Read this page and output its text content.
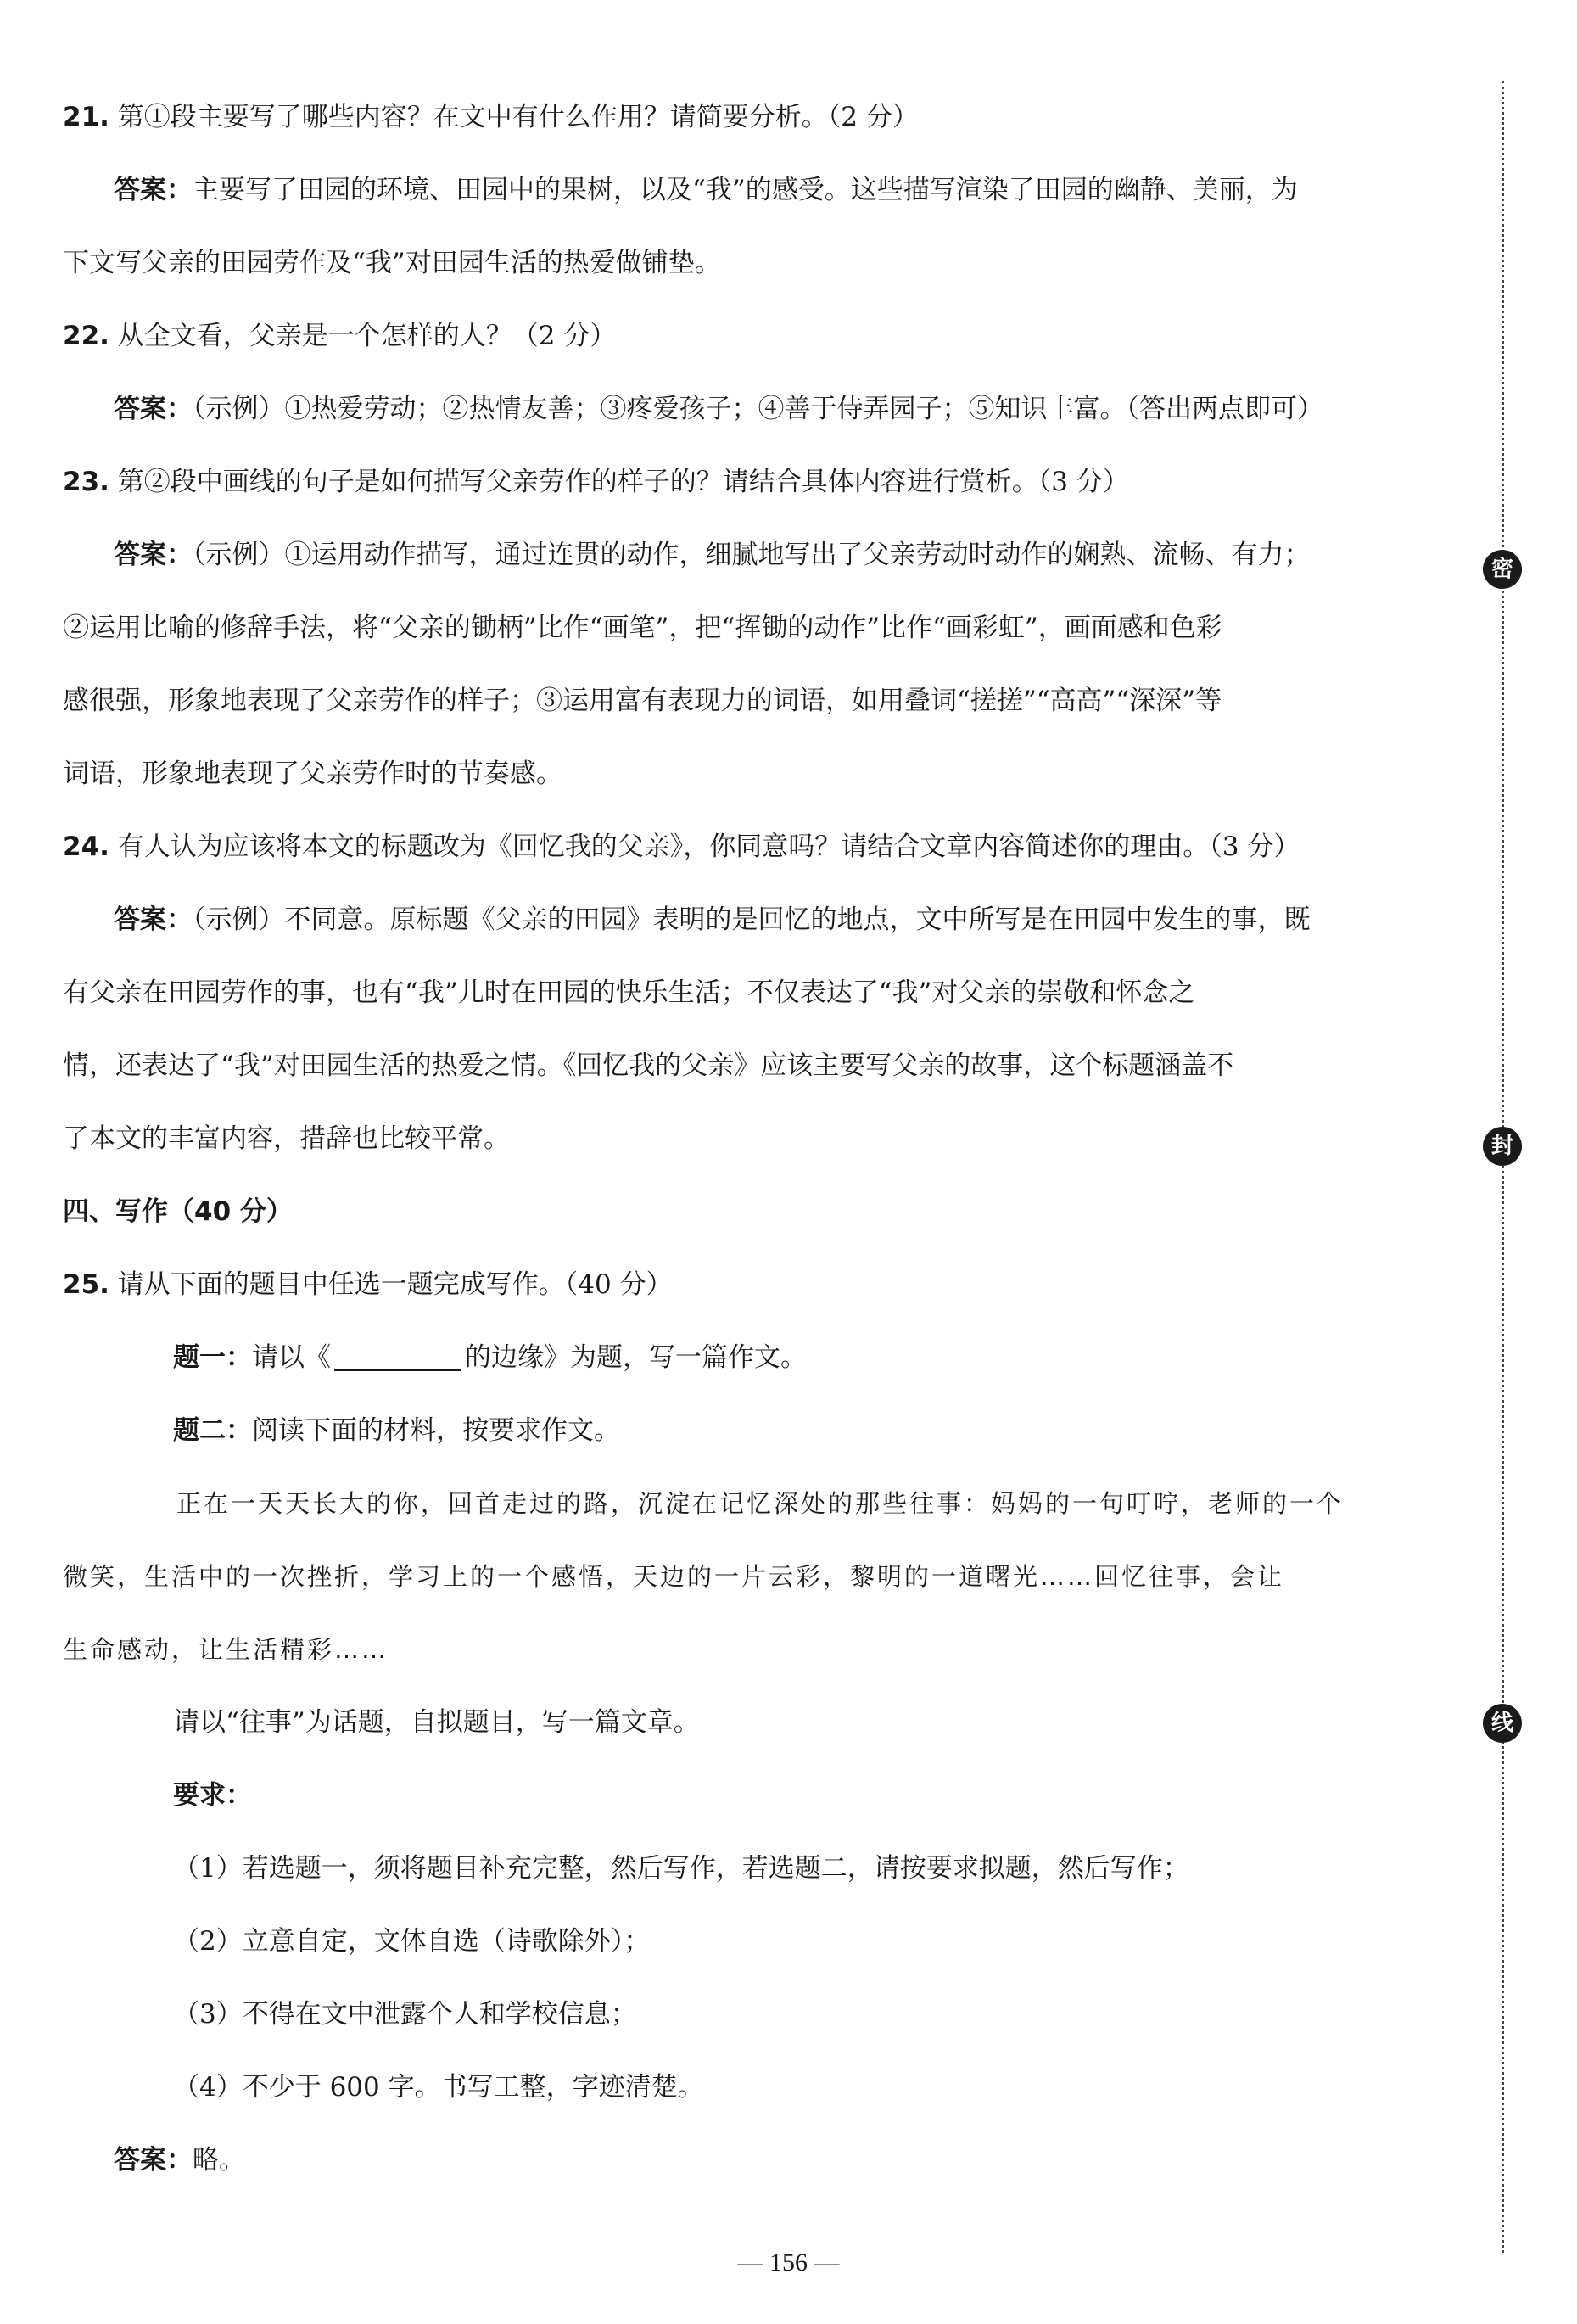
密
封
线
21. 第①段主要写了哪些内容？在文中有什么作用？请简要分析。（2 分）
答案：主要写了田园的环境、田园中的果树，以及“我”的感受。这些描写渲染了田园的幽静、美丽，为
下文写父亲的田园劳作及“我”对田园生活的热爱做铺垫。
22. 从全文看，父亲是一个怎样的人？（2 分）
答案：（示例）①热爱劳动；②热情友善；③疼爱孩子；④善于侍弄园子；⑤知识丰富。（答出两点即可）
23. 第②段中画线的句子是如何描写父亲劳作的样子的？请结合具体内容进行赏析。（3 分）
答案：（示例）①运用动作描写，通过连贯的动作，细腻地写出了父亲劳动时动作的娴熟、流畅、有力；
②运用比喻的修辞手法，将“父亲的锄柄”比作“画笔”，把“挥锄的动作”比作“画彩虹”，画面感和色彩
感很强，形象地表现了父亲劳作的样子；③运用富有表现力的词语，如用叠词“搓搓”“高高”“深深”等
词语，形象地表现了父亲劳作时的节奏感。
24. 有人认为应该将本文的标题改为《回忆我的父亲》，你同意吗？请结合文章内容简述你的理由。（3 分）
答案：（示例）不同意。原标题《父亲的田园》表明的是回忆的地点，文中所写是在田园中发生的事，既
有父亲在田园劳作的事，也有“我”儿时在田园的快乐生活；不仅表达了“我”对父亲的崇敬和怀念之
情，还表达了“我”对田园生活的热爱之情。《回忆我的父亲》应该主要写父亲的故事，这个标题涵盖不
了本文的丰富内容，措辞也比较平常。
四、写作（40 分）
25. 请从下面的题目中任选一题完成写作。（40 分）
题一：请以《	的边缘》为题，写一篇作文。
题二：阅读下面的材料，按要求作文。
正在一天天长大的你，回首走过的路，沉淀在记忆深处的那些往事：妈妈的一句叮咛，老师的一个
微笑，生活中的一次挫折，学习上的一个感悟，天边的一片云彩，黎明的一道曙光……回忆往事，会让
生命感动，让生活精彩……
请以“往事”为话题，自拟题目，写一篇文章。
要求：
（1）若选题一，须将题目补充完整，然后写作，若选题二，请按要求拟题，然后写作；
（2）立意自定，文体自选（诗歌除外）；
（3）不得在文中泄露个人和学校信息；
（4）不少于 600 字。书写工整，字迹清楚。
答案：略。
— 156 —
